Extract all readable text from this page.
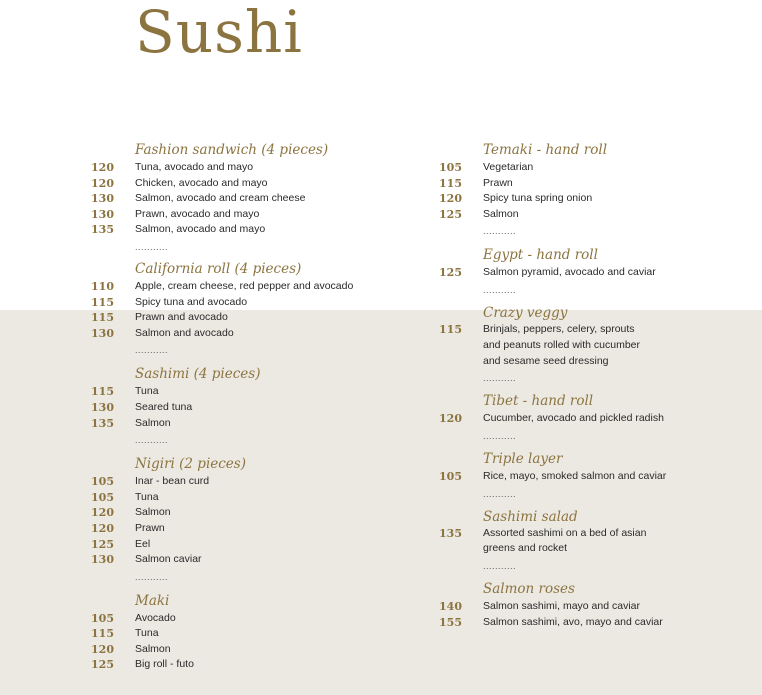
Sushi
Fashion sandwich (4 pieces)
120 Tuna, avocado and mayo
120 Chicken, avocado and mayo
130 Salmon, avocado and cream cheese
130 Prawn, avocado and mayo
135 Salmon, avocado and mayo
...........
California roll (4 pieces)
110 Apple, cream cheese, red pepper and avocado
115 Spicy tuna and avocado
115 Prawn and avocado
130 Salmon and avocado
...........
Sashimi (4 pieces)
115 Tuna
130 Seared tuna
135 Salmon
...........
Nigiri (2 pieces)
105 Inar - bean curd
105 Tuna
120 Salmon
120 Prawn
125 Eel
130 Salmon caviar
...........
Maki
105 Avocado
115 Tuna
120 Salmon
125 Big roll - futo
Temaki - hand roll
105 Vegetarian
115 Prawn
120 Spicy tuna spring onion
125 Salmon
...........
Egypt - hand roll
125 Salmon pyramid, avocado and caviar
...........
Crazy veggy
115 Brinjals, peppers, celery, sprouts
and peanuts rolled with cucumber
and sesame seed dressing
...........
Tibet - hand roll
120 Cucumber, avocado and pickled radish
...........
Triple layer
105 Rice, mayo, smoked salmon and caviar
...........
Sashimi salad
135 Assorted sashimi on a bed of asian
greens and rocket
...........
Salmon roses
140 Salmon sashimi, mayo and caviar
155 Salmon sashimi, avo, mayo and caviar
